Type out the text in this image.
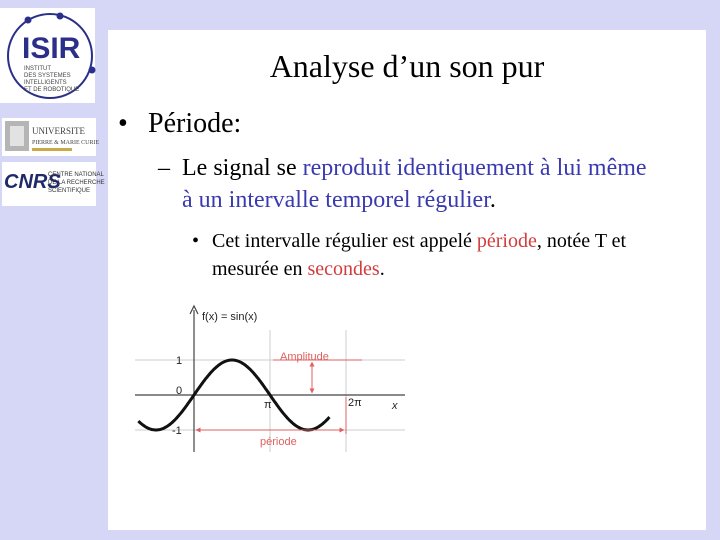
ISIR
INSTITUT
DES SYSTEMES
INTELLIGENTS
ET DE ROBOTIQUE
UNIVERSITE
PIERRE & MARIE CURIE
CNRS
CENTRE NATIONAL
DE LA RECHERCHE
SCIENTIFIQUE
Analyse d’un son pur
• Période:
– Le signal se reproduit identiquement à lui même à un intervalle temporel régulier.
• Cet intervalle régulier est appelé période, notée T et mesurée en secondes.
Amplitude
période
f(x) = sin(x)
1
0
-1
π	2π	x
